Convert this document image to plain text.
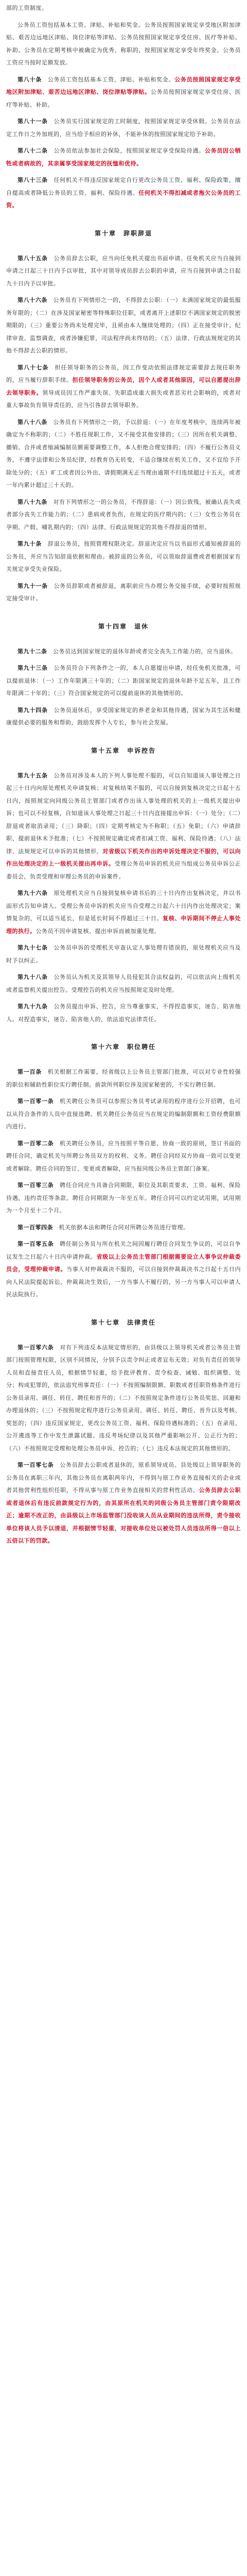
部的工资制度。

公务员工资包括基本工资、津贴、补贴和奖金。公务员按照国家规定享受地区附加津贴、艰苦边远地区津贴、岗位津贴等津贴。公务员按照国家规定享受住房、医疗等补贴、补助。公务员在定期考核中被确定为优秀、称职的，按照国家规定享受年终奖金。公务员工资应当按时足额发放。

第八十条　 公务员工资包括基本工资、津贴、补贴和奖金。公务员按照国家规定享受地区附加津贴、艰苦边远地区津贴、岗位津贴等津贴。公务员按照国家规定享受住房、医疗等补贴、补助。

第八十一条　 公务员实行国家规定的工时制度，按照国家规定享受休假。公务员在法定工作日之外加班的，应当给予相应的补休，不能补休的按照国家规定给予补助。

第八十二条　 公务员依法参加社会保险，按照国家规定享受保险待遇。公务员因公牺牲或者病故的，其亲属享受国家规定的抚恤和优待。

第八十三条　 任何机关不得违反国家规定自行更改公务员工资、福利、保险政策，擅自提高或者降低公务员的工资、福利、保险待遇。任何机关不得扣减或者拖欠公务员的工资。

第十章　辞职辞退

第八十五条　 公务员辞去公职，应当向任免机关提出书面申请。任免机关应当自接到申请之日起三十日内予以审批，其中对领导成员辞去公职的申请，应当自接到申请之日起九十日内予以审批。

第八十六条　 公务员有下列情形之一的，不得辞去公职：（一）未满国家规定的最低服务年限的；（二）在涉及国家秘密等特殊职位任职，或者离开上述职位不满国家规定的脱密期限的；（三）重要公务尚未处理完毕，且须由本人继续处理的；（四）正在接受审计、纪律审查、监察调查，或者涉嫌犯罪，司法程序尚未终结的；（五）法律、行政法规规定的其他不得辞去公职的情形。

第八十七条　 担任领导职务的公务员，因工作变动依照法律规定需要辞去现任职务的，应当履行辞职手续。担任领导职务的公务员，因个人或者其他原因，可以自愿提出辞去领导职务。领导成员因工作严重失误、失职造成重大损失或者恶劣社会影响的，或者对重大事故负有领导责任的，应当引咎辞去领导职务。

第八十八条　 公务员有下列情形之一的，予以辞退：（一）在年度考核中，连续两年被确定为不称职的；（二）不胜任现职工作，又不接受其他安排的；（三）因所在机关调整、撤销、合并或者缩减编制员额需要调整工作，本人拒绝合理安排的；（四）不履行公务员义务，不遵守法律和公务员纪律，经教育仍无转变，不适合继续在机关工作，又不宜给予开除处分的；（五）旷工或者因公外出、请假期满无正当理由逾期不归连续超过十五天，或者一年内累计超过三十天的。

第八十九条　 对有下列情形之一的公务员，不得辞退：（一）因公致残，被确认丧失或者部分丧失工作能力的；（二）患病或者负伤，在规定的医疗期内的；（三）女性公务员在孕期、产假、哺乳期内的；（四）法律、行政法规规定的其他不得辞退的情形。

第九十条　 辞退公务员，按照管理权限决定。辞退决定应当以书面形式通知被辞退的公务员，并应当告知辞退依据和理由。被辞退的公务员，可以领取辞退费或者根据国家有关规定享受失业保险。

第九十一条　 公务员辞职或者被辞退，离职前应当办理公务交接手续，必要时按照规定接受审计。

第十四章　退休

第九十二条　 公务员达到国家规定的退休年龄或者完全丧失工作能力的，应当退休。

第九十三条　 公务员符合下列条件之一的，本人自愿提出申请，经任免机关批准，可以提前退休：（一）工作年限满三十年的；（二）距国家规定的退休年龄不足五年，且工作年限满二十年的；（三）符合国家规定的可以提前退休的其他情形的。

第九十四条　 公务员退休后，享受国家规定的养老金和其他待遇，国家为其生活和健康提供必要的服务和帮助，鼓励发挥个人专长，参与社会发展。

第十五章　申诉控告

第九十五条　 公务员对涉及本人的下列人事处理不服的，可以自知道该人事处理之日起三十日内向原处理机关申请复核；对复核结果不服的，可以自接到复核决定之日起十五日内，按照规定向同级公务员主管部门或者作出该人事处理的机关的上一级机关提出申诉；也可以不经复核，自知道该人事处理之日起三十日内直接提出申诉：（一）处分；（二）辞退或者取消录用；（三）降职；（四）定期考核定为不称职；（五）免职；（六）申请辞职、提前退休未予批准；（七）不按照规定确定或者扣减工资、福利、保险待遇；（八）法律、法规规定可以申诉的其他情形。对省级以下机关作出的申诉处理决定不服的，可以向作出处理决定的上一级机关提出再申诉。受理公务员申诉的机关应当组成公务员申诉公正委员会，负责受理和审理公务员的申诉案件。

第九十六条　 原处理机关应当自接到复核申请书后的三十日内作出复核决定，并以书面形式告知申请人。受理公务员申诉的机关应当自受理之日起六十日内作出处理决定；案情复杂的，可以适当延长，但是延长时间不得超过三十日。复核、申诉期间不停止人事处理的执行。公务员不因申请复核、提出申诉而被加重处理。

第九十七条　 公务员申诉的受理机关审查认定人事处理有错误的，原处理机关应当及时予以纠正。

第九十八条　 公务员认为机关及其领导人员侵犯其合法权益的，可以依法向上级机关或者监察机关提出控告。受理控告的机关应当按照规定及时处理。

第九十九条　 公务员提出申诉、控告，应当尊重事实，不得捏造事实，诬告、陷害他人。对捏造事实，诬告、陷害他人的，依法追究法律责任。

第十六章　职位聘任

第一百条　 机关根据工作需要，经省级以上公务员主管部门批准，可以对专业性较强的职位和辅助性职位实行聘任制。前款所列职位涉及国家秘密的，不实行聘任制。

第一百零一条　 机关聘任公务员可以参照公务员考试录用的程序进行公开招聘，也可以从符合条件的人员中直接选聘。机关聘任公务员应当在规定的编制限额和工资经费限额内进行。

第一百零二条　 机关聘任公务员，应当按照平等自愿、协商一致的原则，签订书面的聘任合同，确定机关与所聘公务员双方的权利、义务。聘任合同经双方协商一致可以变更或者解除。聘任合同的签订、变更或者解除，应当报同级公务员主管部门备案。

第一百零三条　 聘任合同应当具备合同期限，职位及其职责要求，工资、福利、保险待遇，违约责任等条款。聘任合同期限为一年至五年。聘任合同可以约定试用期，试用期为一个月至十二个月。

第一百零四条　 机关依据本法和聘任合同对所聘公务员进行管理。

第一百零五条　 聘任制公务员与所在机关之间因履行聘任合同发生争议的，可以自争议发生之日起六十日内申请仲裁。省级以上公务员主管部门根据需要设立人事争议仲裁委员会，受理仲裁申请。当事人对仲裁裁决不服的，可以自接到仲裁裁决书之日起十五日内向人民法院提起诉讼。仲裁裁决生效后，一方当事人不履行的，另一方当事人可以申请人民法院执行。

第十七章　法律责任

第一百零六条　 对有下列违反本法规定情形的，由县级以上领导机关或者公务员主管部门按照管理权限，区别不同情况，分别予以责令纠正或者宣布无效；对负有责任的领导人员和直接责任人员，根据情节轻重，给予批评教育、责令检查、诫勉、组织调整、处分；构成犯罪的，依法追究刑事责任：（一）不按照编制限额、职数或者任职资格条件进行公务员录用、调任、转任、聘任和晋升的；（二）不按照规定条件进行公务员奖惩、回避和办理退休的；（三）不按照规定程序进行公务员录用、调任、转任、聘任、晋升以及考核、奖惩的；（四）违反国家规定，更改公务员工资、福利、保险待遇标准的；（五）在录用、公开遴选等工作中发生泄露试题、违反考场纪律以及其他严重影响公开、公正行为的；（六）不按照规定受理和处理公务员申诉、控告的；（七）违反本法规定的其他情形的。

第一百零七条　 公务员辞去公职或者退休的，原系领导成员、县处级以上领导职务的公务员在离职三年内，其他公务员在离职两年内，不得到与原工作业务直接相关的企业或者其他营利性组织任职，不得从事与原工作业务直接相关的营利性活动。公务员辞去公职或者退休后有违反前款规定行为的，由其原所在机关的同级公务员主管部门责令限期改正；逾期不改正的，由县级以上市场监管部门没收该人员从业期间的违法所得，责令接收单位将该人员予以清退，并根据情节轻重，对接收单位处以被处罚人员违法所得一倍以上五倍以下的罚款。
